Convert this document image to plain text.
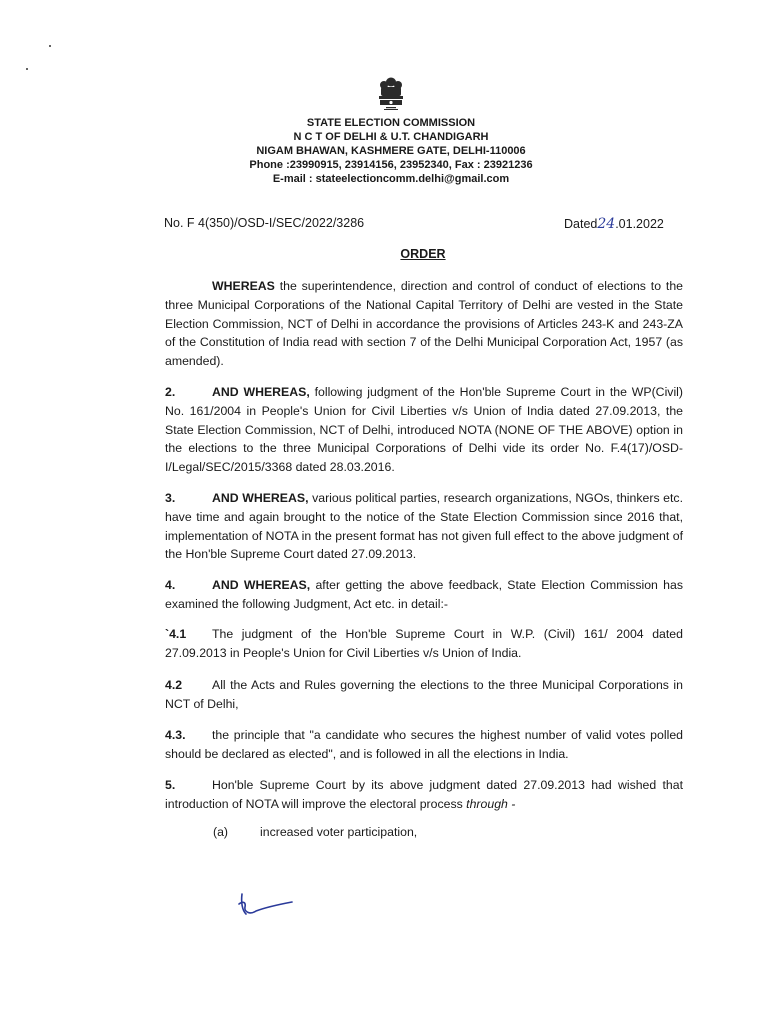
STATE ELECTION COMMISSION
N C T OF DELHI & U.T. CHANDIGARH
NIGAM BHAWAN, KASHMERE GATE, DELHI-110006
Phone :23990915, 23914156, 23952340, Fax : 23921236
E-mail : stateelectioncomm.delhi@gmail.com
No. F 4(350)/OSD-I/SEC/2022/3286	Dated24.01.2022
ORDER
WHEREAS the superintendence, direction and control of conduct of elections to the three Municipal Corporations of the National Capital Territory of Delhi are vested in the State Election Commission, NCT of Delhi in accordance the provisions of Articles 243-K and 243-ZA of the Constitution of India read with section 7 of the Delhi Municipal Corporation Act, 1957 (as amended).
2.	AND WHEREAS, following judgment of the Hon'ble Supreme Court in the WP(Civil) No. 161/2004 in People's Union for Civil Liberties v/s Union of India dated 27.09.2013, the State Election Commission, NCT of Delhi, introduced NOTA (NONE OF THE ABOVE) option in the elections to the three Municipal Corporations of Delhi vide its order No. F.4(17)/OSD-I/Legal/SEC/2015/3368 dated 28.03.2016.
3.	AND WHEREAS, various political parties, research organizations, NGOs, thinkers etc. have time and again brought to the notice of the State Election Commission since 2016 that, implementation of NOTA in the present format has not given full effect to the above judgment of the Hon'ble Supreme Court dated 27.09.2013.
4.	AND WHEREAS, after getting the above feedback, State Election Commission has examined the following Judgment, Act etc. in detail:-
`4.1 The judgment of the Hon'ble Supreme Court in W.P. (Civil) 161/ 2004 dated 27.09.2013 in People's Union for Civil Liberties v/s Union of India.
4.2 All the Acts and Rules governing the elections to the three Municipal Corporations in NCT of Delhi,
4.3. the principle that "a candidate who secures the highest number of valid votes polled should be declared as elected", and is followed in all the elections in India.
5.	Hon'ble Supreme Court by its above judgment dated 27.09.2013 had wished that introduction of NOTA will improve the electoral process through -
(a)	increased voter participation,
